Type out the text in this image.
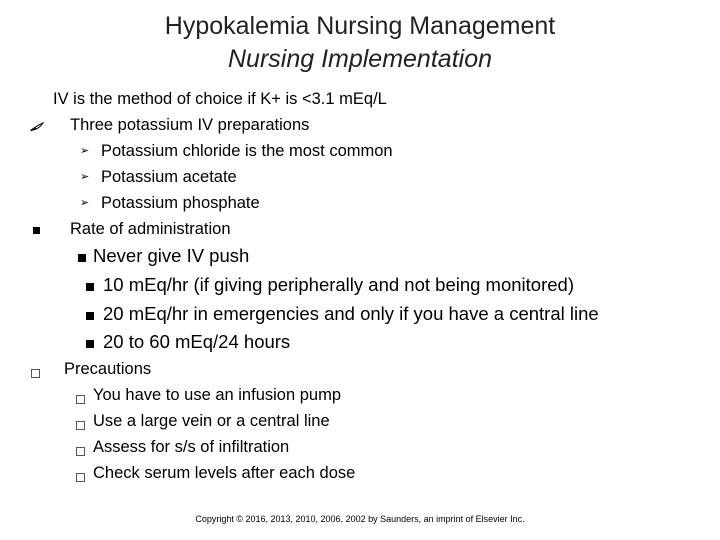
Hypokalemia Nursing Management
Nursing Implementation
IV is the method of choice if K+ is <3.1 mEq/L
Three potassium IV preparations
➢ Potassium chloride is the most common
➢ Potassium acetate
➢ Potassium phosphate
Rate of administration
Never give IV push
10 mEq/hr (if giving peripherally and not being monitored)
20 mEq/hr in emergencies and only if you have a central line
20 to 60 mEq/24 hours
Precautions
You have to use an infusion pump
Use a large vein or a central line
Assess for s/s of infiltration
Check serum levels after each dose
Copyright © 2016, 2013, 2010, 2006, 2002 by Saunders, an imprint of Elsevier Inc.
